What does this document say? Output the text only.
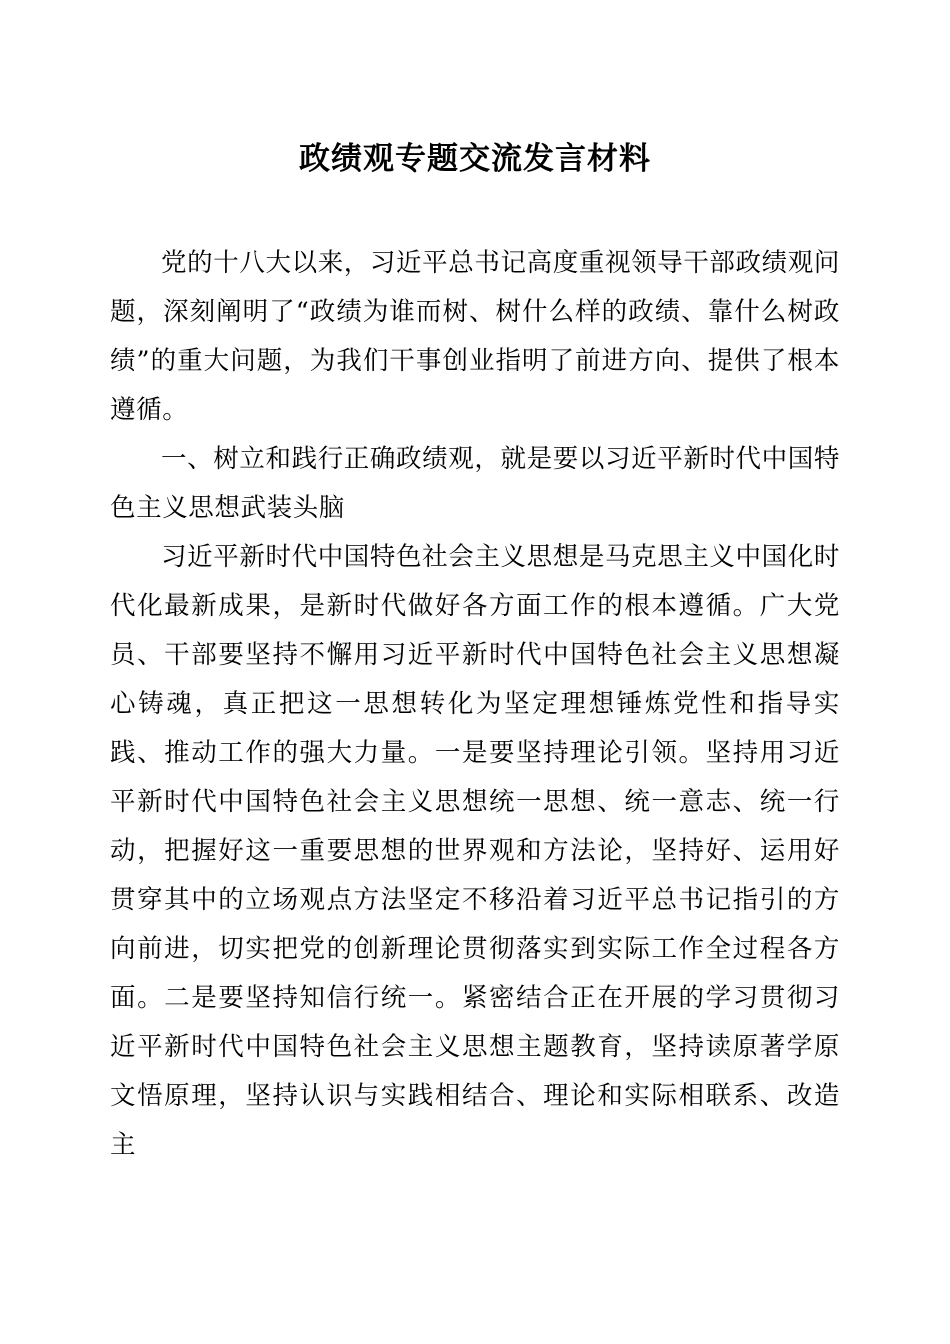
政绩观专题交流发言材料

党的十八大以来，习近平总书记高度重视领导干部政绩观问题，深刻阐明了“政绩为谁而树、树什么样的政绩、靠什么树政绩”的重大问题，为我们干事创业指明了前进方向、提供了根本遵循。

一、树立和践行正确政绩观，就是要以习近平新时代中国特色主义思想武装头脑

习近平新时代中国特色社会主义思想是马克思主义中国化时代化最新成果，是新时代做好各方面工作的根本遵循。广大党员、干部要坚持不懈用习近平新时代中国特色社会主义思想凝心铸魂，真正把这一思想转化为坚定理想锤炼党性和指导实践、推动工作的强大力量。一是要坚持理论引领。坚持用习近平新时代中国特色社会主义思想统一思想、统一意志、统一行动，把握好这一重要思想的世界观和方法论，坚持好、运用好贯穿其中的立场观点方法坚定不移沿着习近平总书记指引的方向前进，切实把党的创新理论贯彻落实到实际工作全过程各方面。二是要坚持知信行统一。紧密结合正在开展的学习贯彻习近平新时代中国特色社会主义思想主题教育，坚持读原著学原文悟原理，坚持认识与实践相结合、理论和实际相联系、改造主
